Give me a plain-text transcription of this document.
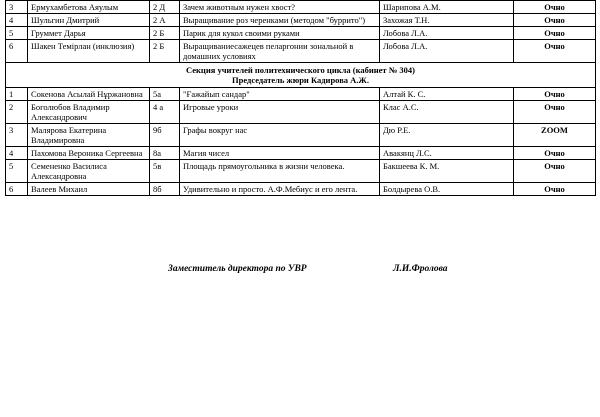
3	Ермухамбетова Аяулым	2 Д	Зачем животным нужен хвост?	Шарипова А.М.	Очно
4	Шульгин Дмитрий	2 А	Выращивание роз черенками (методом "буррито")	Захожая Т.Н.	Очно
5	Груммет Дарья	2 Б	Парик для кукол своими руками	Лобова Л.А.	Очно
6	Шакен Темірлан (инклюзия)	2 Б	Выращиваниесажецев пеларгонии зональной в домашних условиях	Лобова Л.А.	Очно

Секция учителей политехнического цикла (кабинет № 304)
Председатель жюри Кадирова А.Ж.					

1	Сокенова Асылай Нұржановна	5а	"Ғажайып сандар"	Алтай К. С.	Очно
2	Боголюбов Владимир Александрович	4 а	Игровые уроки	Клас А.С.	Очно
3	Малярова Екатерина Владимировна	9б	Графы вокруг нас	Дю Р.Е.	ZOOM
4	Пахомова Вероника Сергеевна	8а	Магия чисел	Авакянц Л.С.	Очно
5	Семененко Василиса Александровна	5в	Площадь прямоугольника в жизни человека.	Бакшеева К. М.	Очно
6	Валеев Михаил	8б	Удивительно и просто. А.Ф.Мебиус и его лента.	Болдырева О.В.	Очно
Заместитель директора по УВР	Л.И.Фролова
